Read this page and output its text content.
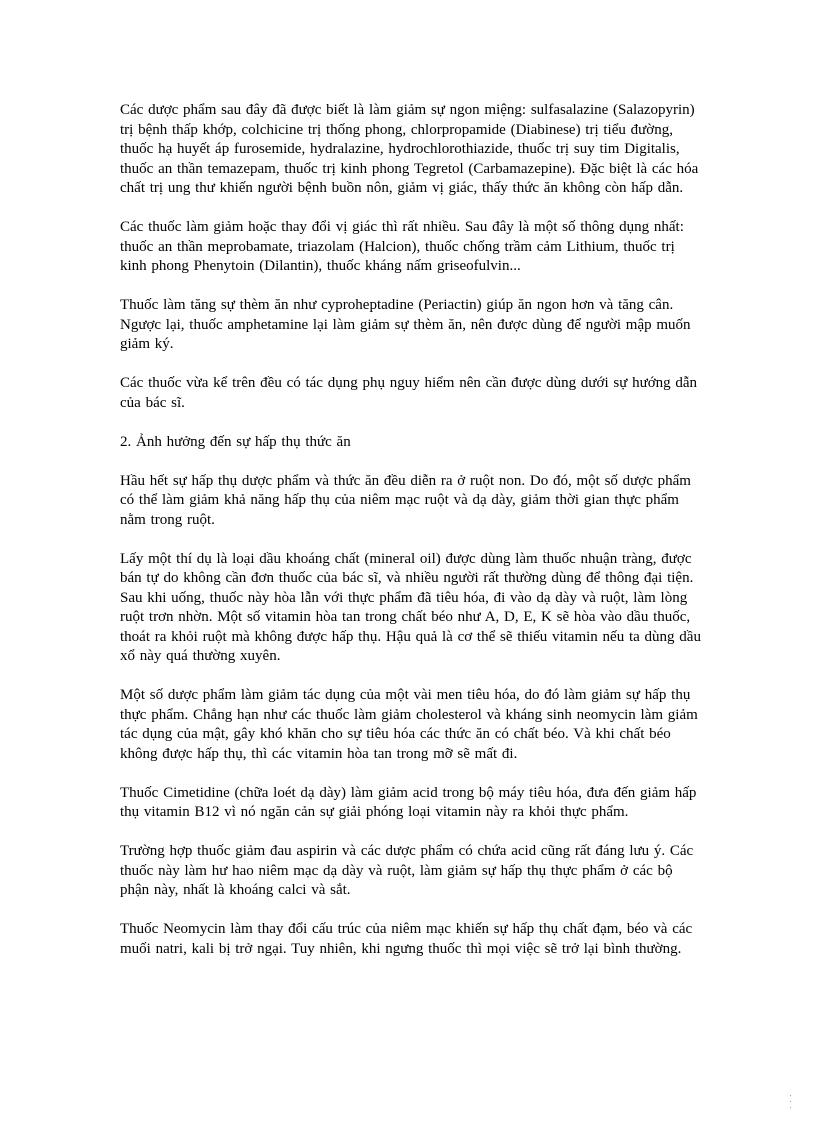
Các dược phẩm sau đây đã được biết là làm giảm sự ngon miệng: sulfasalazine (Salazopyrin) trị bệnh thấp khớp, colchicine trị thống phong, chlorpropamide (Diabinese) trị tiểu đường, thuốc hạ huyết áp furosemide, hydralazine, hydrochlorothiazide, thuốc trị suy tim Digitalis, thuốc an thần temazepam, thuốc trị kinh phong Tegretol (Carbamazepine). Đặc biệt là các hóa chất trị ung thư khiến người bệnh buồn nôn, giảm vị giác, thấy thức ăn không còn hấp dẫn.

Các thuốc làm giảm hoặc thay đổi vị giác thì rất nhiều. Sau đây là một số thông dụng nhất: thuốc an thần meprobamate, triazolam (Halcion), thuốc chống trầm cảm Lithium, thuốc trị kinh phong Phenytoin (Dilantin), thuốc kháng nấm griseofulvin...

Thuốc làm tăng sự thèm ăn như cyproheptadine (Periactin) giúp ăn ngon hơn và tăng cân. Ngược lại, thuốc amphetamine lại làm giảm sự thèm ăn, nên được dùng để người mập muốn giảm ký.

Các thuốc vừa kể trên đều có tác dụng phụ nguy hiểm nên cần được dùng dưới sự hướng dẫn của bác sĩ.

2. Ảnh hưởng đến sự hấp thụ thức ăn

Hầu hết sự hấp thụ dược phẩm và thức ăn đều diễn ra ở ruột non. Do đó, một số dược phẩm có thể làm giảm khả năng hấp thụ của niêm mạc ruột và dạ dày, giảm thời gian thực phẩm nằm trong ruột.

Lấy một thí dụ là loại dầu khoáng chất (mineral oil) được dùng làm thuốc nhuận tràng, được bán tự do không cần đơn thuốc của bác sĩ, và nhiều người rất thường dùng để thông đại tiện. Sau khi uống, thuốc này hòa lẫn với thực phẩm đã tiêu hóa, đi vào dạ dày và ruột, làm lòng ruột trơn nhờn. Một số vitamin hòa tan trong chất béo như A, D, E, K sẽ hòa vào dầu thuốc, thoát ra khỏi ruột mà không được hấp thụ. Hậu quả là cơ thể sẽ thiếu vitamin nếu ta dùng dầu xổ này quá thường xuyên.

Một số dược phẩm làm giảm tác dụng của một vài men tiêu hóa, do đó làm giảm sự hấp thụ thực phẩm. Chẳng hạn như các thuốc làm giảm cholesterol và kháng sinh neomycin làm giảm tác dụng của mật, gây khó khăn cho sự tiêu hóa các thức ăn có chất béo. Và khi chất béo không được hấp thụ, thì các vitamin hòa tan trong mỡ sẽ mất đi.

Thuốc Cimetidine (chữa loét dạ dày) làm giảm acid trong bộ máy tiêu hóa, đưa đến giảm hấp thụ vitamin B12 vì nó ngăn cản sự giải phóng loại vitamin này ra khỏi thực phẩm.

Trường hợp thuốc giảm đau aspirin và các dược phẩm có chứa acid cũng rất đáng lưu ý. Các thuốc này làm hư hao niêm mạc dạ dày và ruột, làm giảm sự hấp thụ thực phẩm ở các bộ phận này, nhất là khoáng calci và sắt.

Thuốc Neomycin làm thay đổi cấu trúc của niêm mạc khiến sự hấp thụ chất đạm, béo và các muối natri, kali bị trở ngại. Tuy nhiên, khi ngưng thuốc thì mọi việc sẽ trở lại bình thường.
